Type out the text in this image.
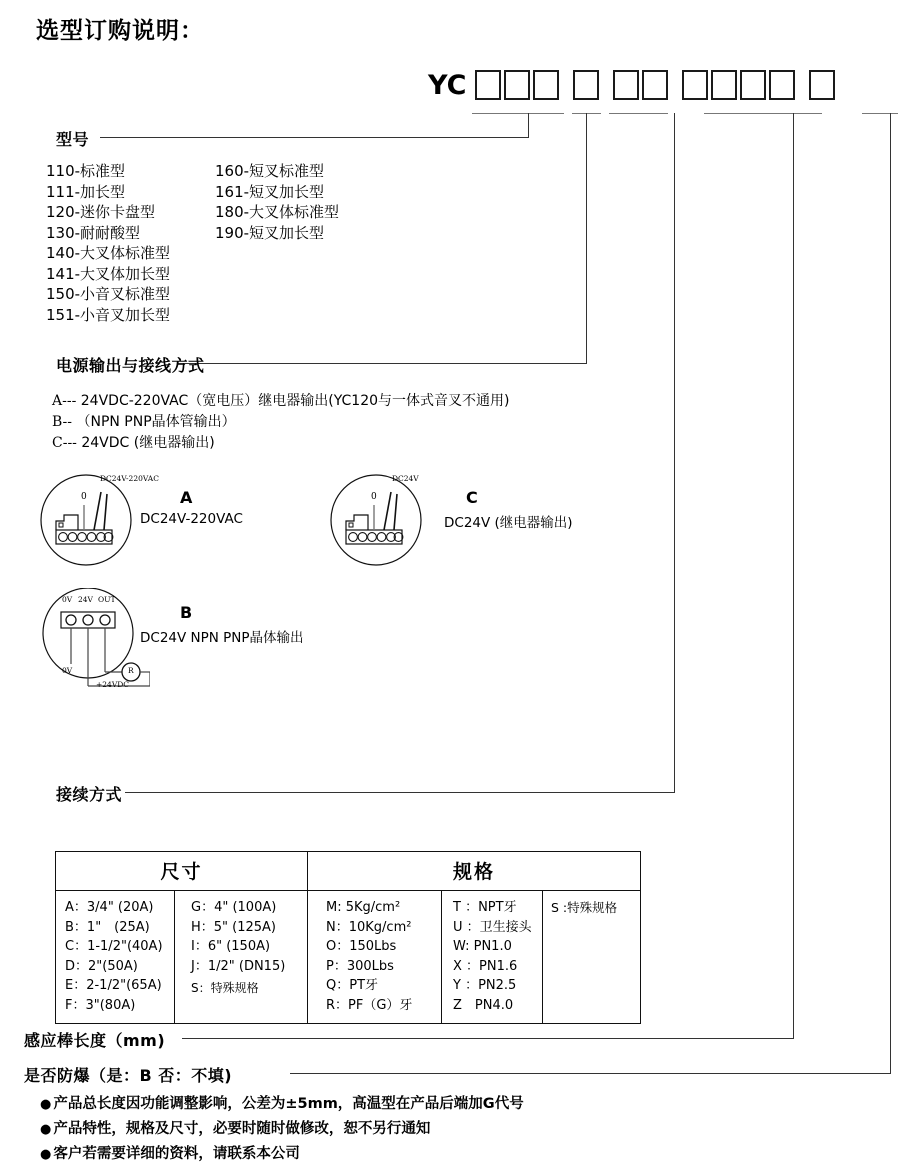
选型订购说明：
YC
型号
110-标准型
111-加长型
120-迷你卡盘型
130-耐耐酸型
140-大叉体标准型
141-大叉体加长型
150-小音叉标准型
151-小音叉加长型
160-短叉标准型
161-短叉加长型
180-大叉体标准型
190-短叉加长型
电源输出与接线方式
A--- 24VDC-220VAC（宽电压）继电器输出(YC120与一体式音叉不通用)
B-- （NPN PNP晶体管输出）
C--- 24VDC (继电器输出)
DC24V-220VAC
0	A
DC24V-220VAC
DC24V
0	C
DC24V (继电器输出)
0V 24V OUT
0V
+24VDC
R
B
DC24V NPN PNP晶体输出
接续方式
尺寸		规格		

A：3/4" (20A)
B：1"　(25A)
C：1-1/2"(40A)
D：2"(50A)
E：2-1/2"(65A)
F：3"(80A)

G：4" (100A)
H：5" (125A)
I：6" (150A)
J：1/2" (DN15)
S：特殊规格

M: 5Kg/cm²
N：10Kg/cm²
O：150Lbs
P：300Lbs
Q：PT牙
R：PF（G）牙

T ：NPT牙
U ：卫生接头
W: PN1.0
X ：PN1.6
Y ：PN2.5
Z　PN4.0

S :特殊规格
感应棒长度（mm)
是否防爆（是：B 否：不填)
● 产品总长度因功能调整影响，公差为±5mm，高温型在产品后端加G代号
● 产品特性，规格及尺寸，必要时随时做修改，恕不另行通知
● 客户若需要详细的资料，请联系本公司
